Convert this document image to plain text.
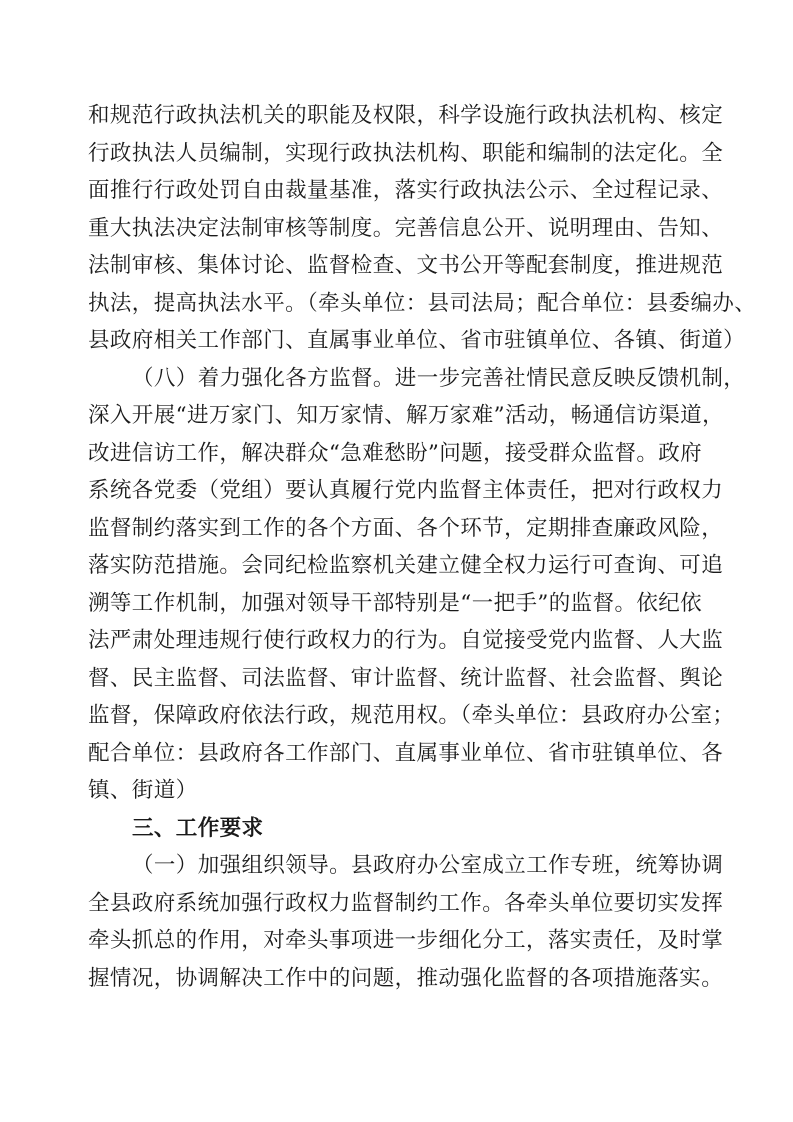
和规范行政执法机关的职能及权限，科学设施行政执法机构、核定
行政执法人员编制，实现行政执法机构、职能和编制的法定化。全
面推行行政处罚自由裁量基准，落实行政执法公示、全过程记录、
重大执法决定法制审核等制度。完善信息公开、说明理由、告知、
法制审核、集体讨论、监督检查、文书公开等配套制度，推进规范
执法，提高执法水平。（牵头单位：县司法局；配合单位：县委编办、
县政府相关工作部门、直属事业单位、省市驻镇单位、各镇、街道）
（八）着力强化各方监督。进一步完善社情民意反映反馈机制，
深入开展“进万家门、知万家情、解万家难”活动，畅通信访渠道，
改进信访工作，解决群众“急难愁盼”问题，接受群众监督。政府
系统各党委（党组）要认真履行党内监督主体责任，把对行政权力
监督制约落实到工作的各个方面、各个环节，定期排查廉政风险，
落实防范措施。会同纪检监察机关建立健全权力运行可查询、可追
溯等工作机制，加强对领导干部特别是“一把手”的监督。依纪依
法严肃处理违规行使行政权力的行为。自觉接受党内监督、人大监
督、民主监督、司法监督、审计监督、统计监督、社会监督、舆论
监督，保障政府依法行政，规范用权。（牵头单位：县政府办公室；
配合单位：县政府各工作部门、直属事业单位、省市驻镇单位、各
镇、街道）
三、工作要求
（一）加强组织领导。县政府办公室成立工作专班，统筹协调
全县政府系统加强行政权力监督制约工作。各牵头单位要切实发挥
牵头抓总的作用，对牵头事项进一步细化分工，落实责任，及时掌
握情况，协调解决工作中的问题，推动强化监督的各项措施落实。
